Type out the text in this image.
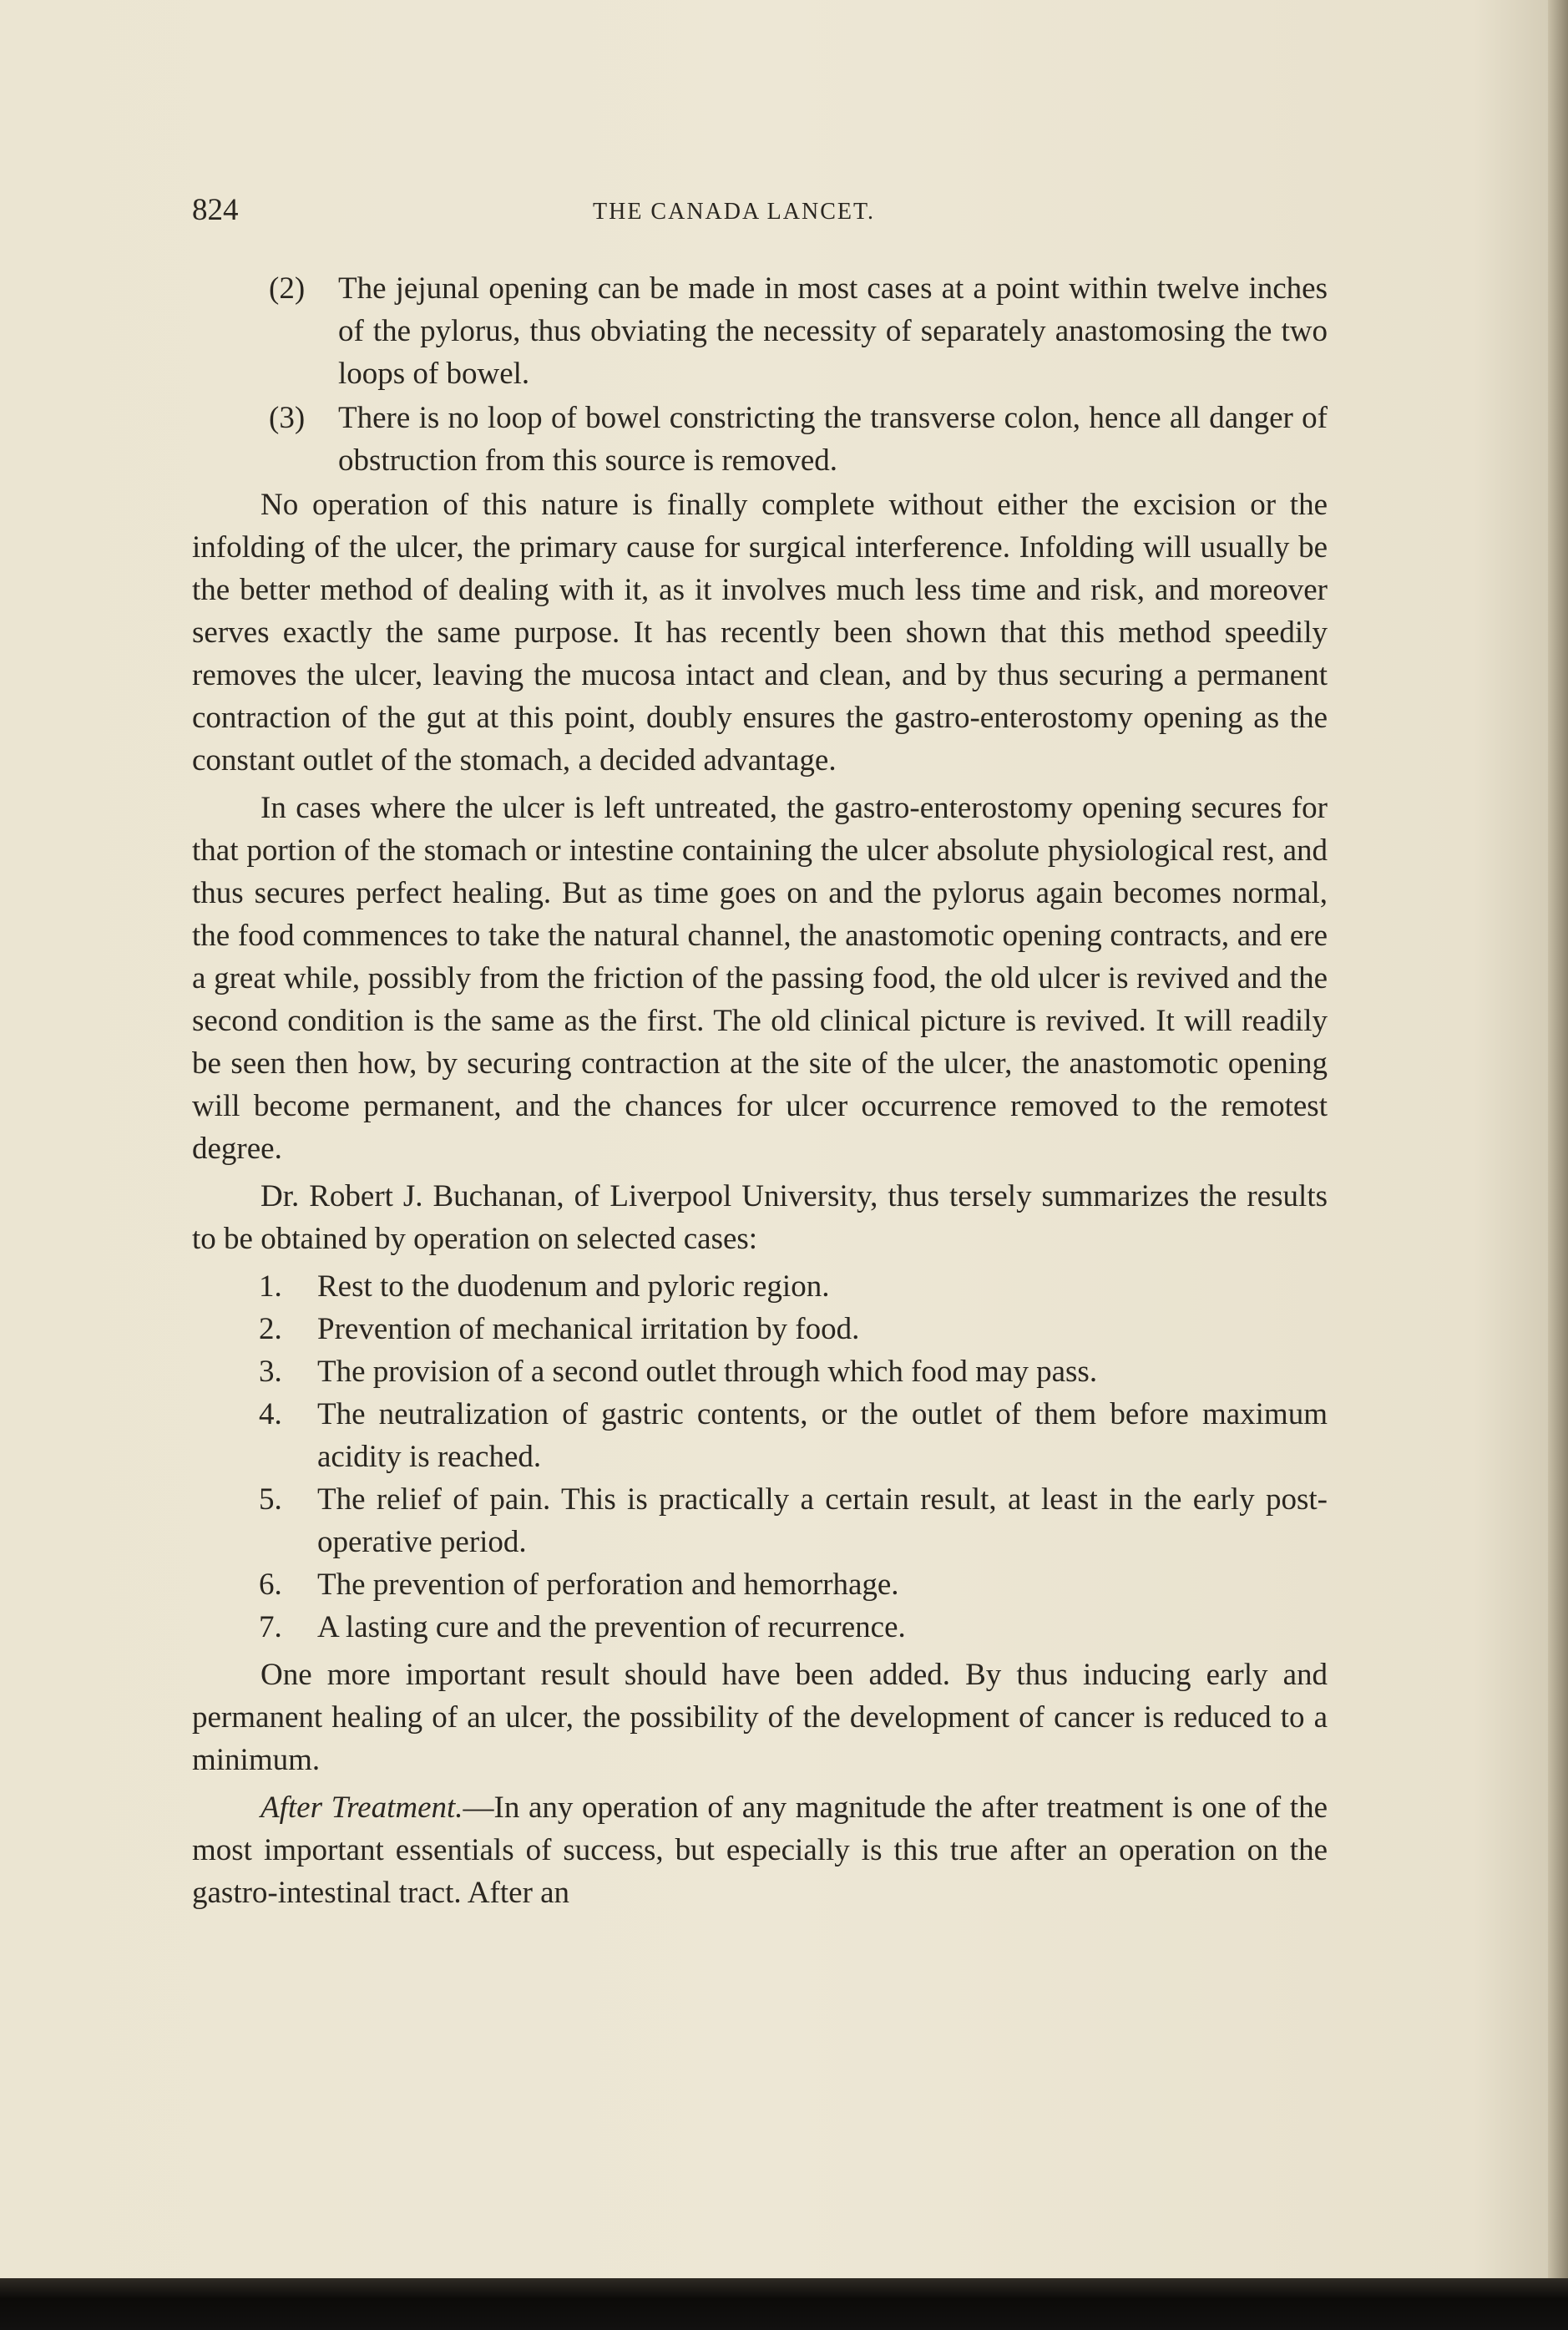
824	THE CANADA LANCET.
(2) The jejunal opening can be made in most cases at a point within twelve inches of the pylorus, thus obviating the necessity of separately anastomosing the two loops of bowel.
(3) There is no loop of bowel constricting the transverse colon, hence all danger of obstruction from this source is removed.

No operation of this nature is finally complete without either the excision or the infolding of the ulcer, the primary cause for surgical interference. Infolding will usually be the better method of dealing with it, as it involves much less time and risk, and moreover serves exactly the same purpose. It has recently been shown that this method speedily removes the ulcer, leaving the mucosa intact and clean, and by thus securing a permanent contraction of the gut at this point, doubly ensures the gastro-enterostomy opening as the constant outlet of the stomach, a decided advantage.

In cases where the ulcer is left untreated, the gastro-enterostomy opening secures for that portion of the stomach or intestine containing the ulcer absolute physiological rest, and thus secures perfect healing. But as time goes on and the pylorus again becomes normal, the food commences to take the natural channel, the anastomotic opening contracts, and ere a great while, possibly from the friction of the passing food, the old ulcer is revived and the second condition is the same as the first. The old clinical picture is revived. It will readily be seen then how, by securing contraction at the site of the ulcer, the anastomotic opening will become permanent, and the chances for ulcer occurrence removed to the remotest degree.

Dr. Robert J. Buchanan, of Liverpool University, thus tersely summarizes the results to be obtained by operation on selected cases:

1. Rest to the duodenum and pyloric region.
2. Prevention of mechanical irritation by food.
3. The provision of a second outlet through which food may pass.
4. The neutralization of gastric contents, or the outlet of them before maximum acidity is reached.
5. The relief of pain. This is practically a certain result, at least in the early post-operative period.
6. The prevention of perforation and hemorrhage.
7. A lasting cure and the prevention of recurrence.

One more important result should have been added. By thus inducing early and permanent healing of an ulcer, the possibility of the development of cancer is reduced to a minimum.

After Treatment.—In any operation of any magnitude the after treatment is one of the most important essentials of success, but especially is this true after an operation on the gastro-intestinal tract. After an
